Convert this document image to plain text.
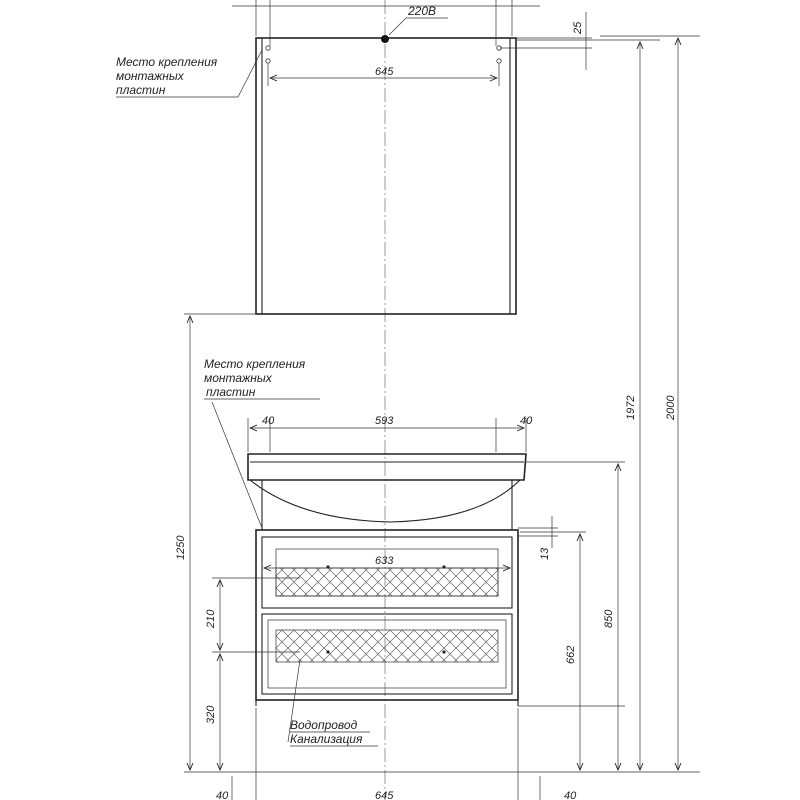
220В
25
645
Место крепления
монтажных
пластин
Место крепления
монтажных
пластин
40	593	40
633
13
850
662
1972	2000
1250
210
320
Водопровод
Канализация
40	645	40
